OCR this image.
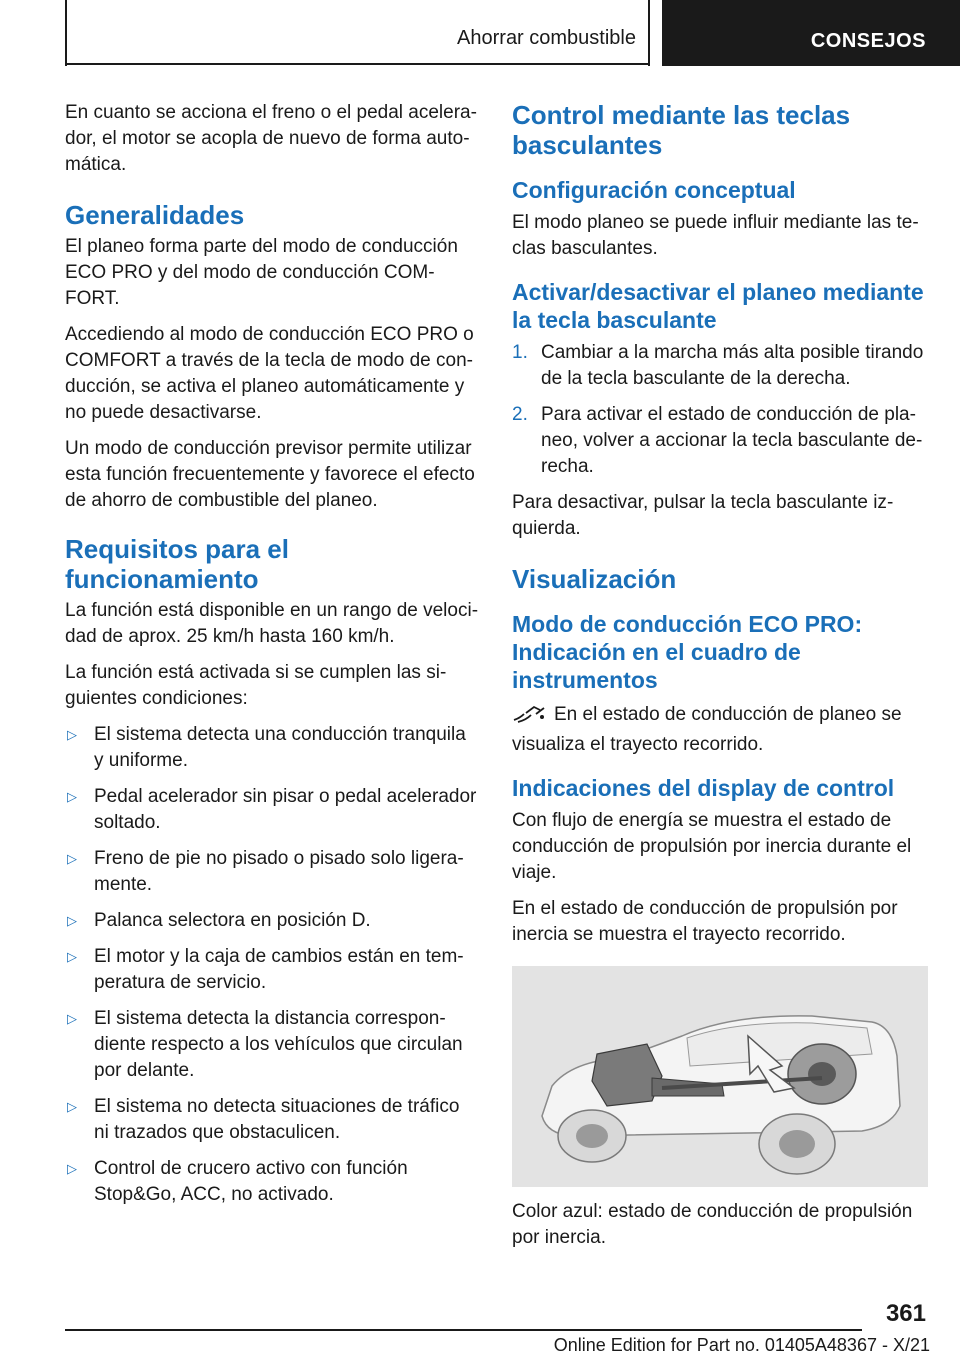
Ahorrar combustible	CONSEJOS

En cuanto se acciona el freno o el pedal acelerador, el motor se acopla de nuevo de forma automática.

Generalidades

El planeo forma parte del modo de conducción ECO PRO y del modo de conducción COMFORT.

Accediendo al modo de conducción ECO PRO o COMFORT a través de la tecla de modo de conducción, se activa el planeo automáticamente y no puede desactivarse.

Un modo de conducción previsor permite utilizar esta función frecuentemente y favorece el efecto de ahorro de combustible del planeo.

Requisitos para el funcionamiento

La función está disponible en un rango de velocidad de aprox. 25 km/h hasta 160 km/h.

La función está activada si se cumplen las siguientes condiciones:

▷ El sistema detecta una conducción tranquila y uniforme.
▷ Pedal acelerador sin pisar o pedal acelerador soltado.
▷ Freno de pie no pisado o pisado solo ligeramente.
▷ Palanca selectora en posición D.
▷ El motor y la caja de cambios están en temperatura de servicio.
▷ El sistema detecta la distancia correspondiente respecto a los vehículos que circulan por delante.
▷ El sistema no detecta situaciones de tráfico ni trazados que obstaculicen.
▷ Control de crucero activo con función Stop&Go, ACC, no activado.
Control mediante las teclas basculantes
Configuración conceptual

El modo planeo se puede influir mediante las teclas basculantes.

Activar/desactivar el planeo mediante la tecla basculante
1. Cambiar a la marcha más alta posible tirando de la tecla basculante de la derecha.
2. Para activar el estado de conducción de planeo, volver a accionar la tecla basculante derecha.

Para desactivar, pulsar la tecla basculante izquierda.

Visualización
Modo de conducción ECO PRO: Indicación en el cuadro de instrumentos

En el estado de conducción de planeo se visualiza el trayecto recorrido.

Indicaciones del display de control

Con flujo de energía se muestra el estado de conducción de propulsión por inercia durante el viaje.

En el estado de conducción de propulsión por inercia se muestra el trayecto recorrido.

Color azul: estado de conducción de propulsión por inercia.

361
Online Edition for Part no. 01405A48367 - X/21
